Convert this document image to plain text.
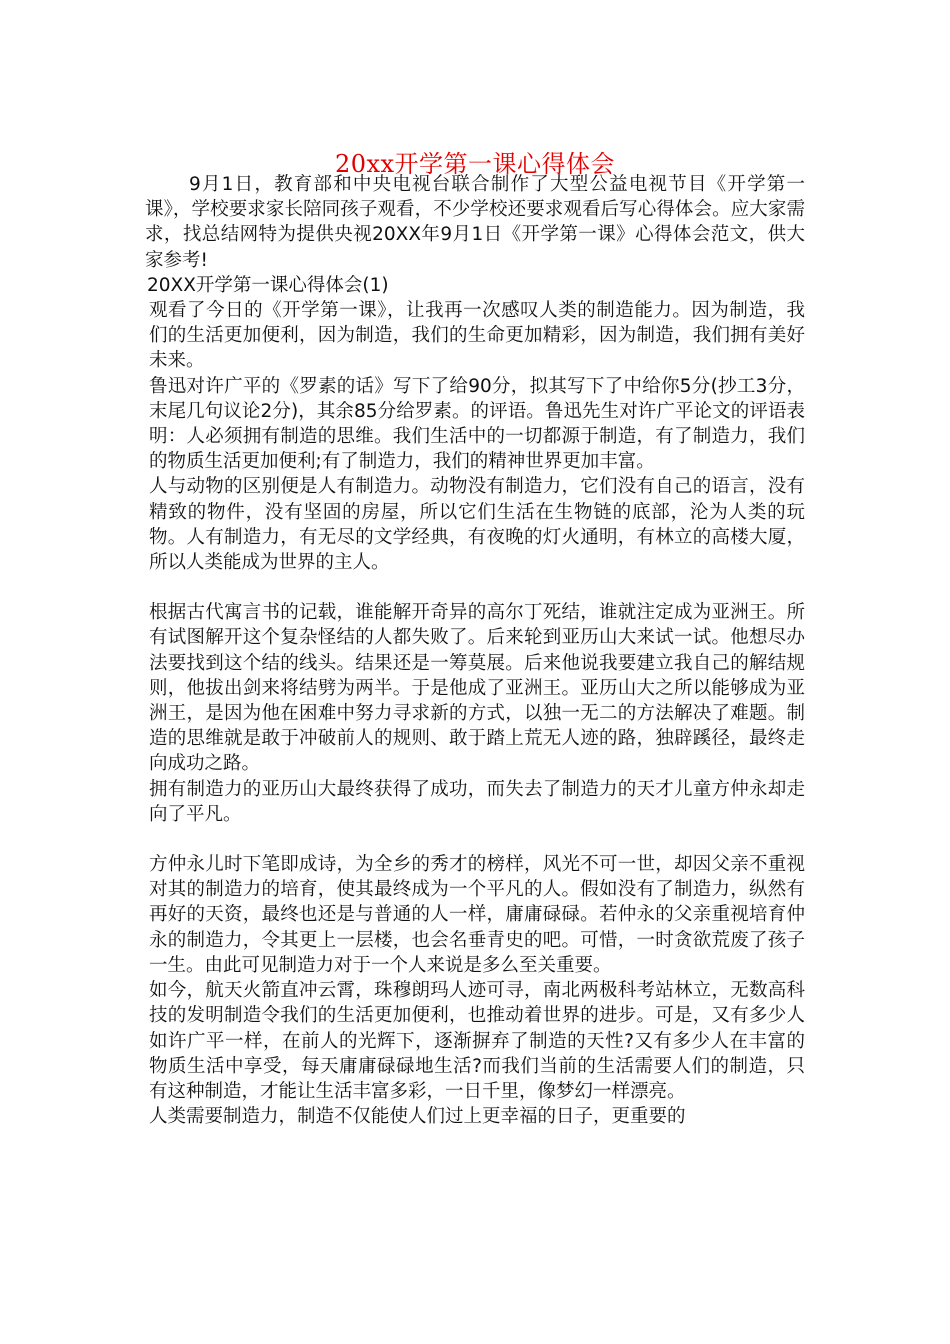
20xx开学第一课心得体会

9月1日，教育部和中央电视台联合制作了大型公益电视节目《开学第一课》，学校要求家长陪同孩子观看，不少学校还要求观看后写心得体会。应大家需求，找总结网特为提供央视20XX年9月1日《开学第一课》心得体会范文，供大家参考!

20XX开学第一课心得体会(1)

观看了今日的《开学第一课》，让我再一次感叹人类的制造能力。因为制造，我们的生活更加便利，因为制造，我们的生命更加精彩，因为制造，我们拥有美好未来。

鲁迅对许广平的《罗素的话》写下了给90分，拟其写下了中给你5分(抄工3分，末尾几句议论2分)，其余85分给罗素。的评语。鲁迅先生对许广平论文的评语表明：人必须拥有制造的思维。我们生活中的一切都源于制造，有了制造力，我们的物质生活更加便利;有了制造力，我们的精神世界更加丰富。

人与动物的区别便是人有制造力。动物没有制造力，它们没有自己的语言，没有精致的物件，没有坚固的房屋，所以它们生活在生物链的底部，沦为人类的玩物。人有制造力，有无尽的文学经典，有夜晚的灯火通明，有林立的高楼大厦，所以人类能成为世界的主人。

根据古代寓言书的记载，谁能解开奇异的高尔丁死结，谁就注定成为亚洲王。所有试图解开这个复杂怪结的人都失败了。后来轮到亚历山大来试一试。他想尽办法要找到这个结的线头。结果还是一筹莫展。后来他说我要建立我自己的解结规则，他拔出剑来将结劈为两半。于是他成了亚洲王。亚历山大之所以能够成为亚洲王，是因为他在困难中努力寻求新的方式，以独一无二的方法解决了难题。制造的思维就是敢于冲破前人的规则、敢于踏上荒无人迹的路，独辟蹊径，最终走向成功之路。

拥有制造力的亚历山大最终获得了成功，而失去了制造力的天才儿童方仲永却走向了平凡。

方仲永儿时下笔即成诗，为全乡的秀才的榜样，风光不可一世，却因父亲不重视对其的制造力的培育，使其最终成为一个平凡的人。假如没有了制造力，纵然有再好的天资，最终也还是与普通的人一样，庸庸碌碌。若仲永的父亲重视培育仲永的制造力，令其更上一层楼，也会名垂青史的吧。可惜，一时贪欲荒废了孩子一生。由此可见制造力对于一个人来说是多么至关重要。

如今，航天火箭直冲云霄，珠穆朗玛人迹可寻，南北两极科考站林立，无数高科技的发明制造令我们的生活更加便利，也推动着世界的进步。可是，又有多少人如许广平一样，在前人的光辉下，逐渐摒弃了制造的天性?又有多少人在丰富的物质生活中享受，每天庸庸碌碌地生活?而我们当前的生活需要人们的制造，只有这种制造，才能让生活丰富多彩，一日千里，像梦幻一样漂亮。

人类需要制造力，制造不仅能使人们过上更幸福的日子，更重要的
